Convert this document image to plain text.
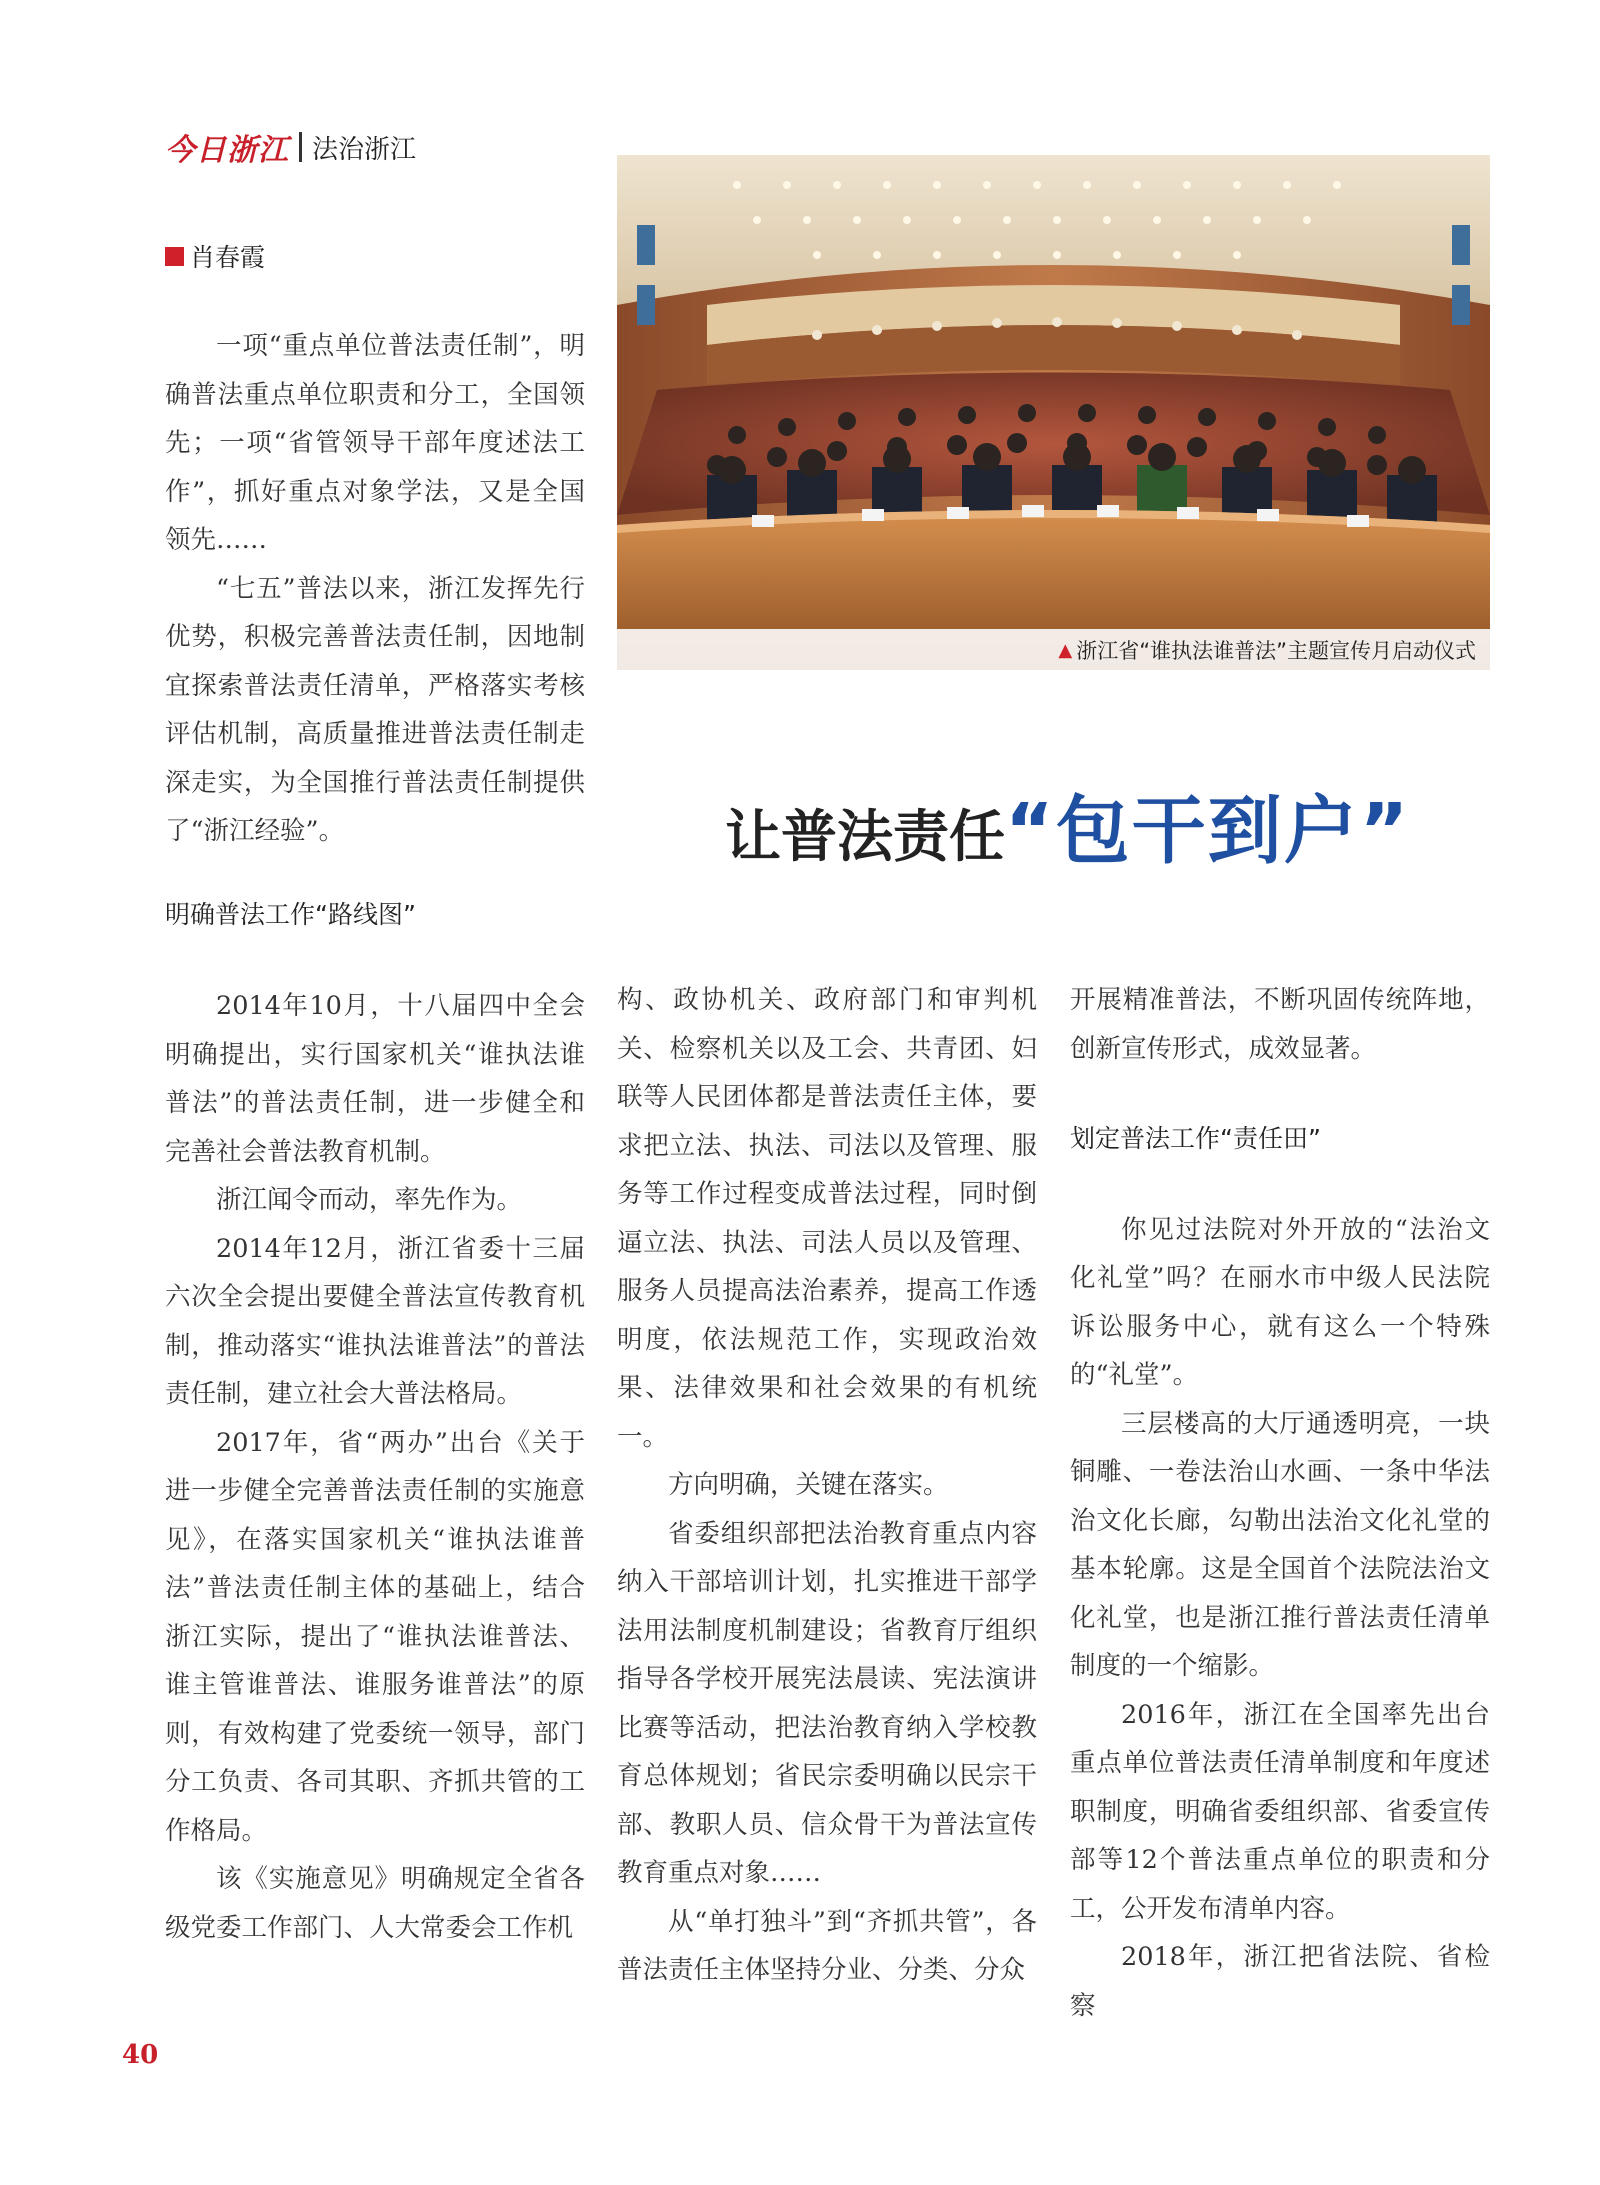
今日浙江 法治浙江
肖春霞

一项“重点单位普法责任制”，明确普法重点单位职责和分工，全国领先；一项“省管领导干部年度述法工作”，抓好重点对象学法，又是全国领先……

“七五”普法以来，浙江发挥先行优势，积极完善普法责任制，因地制宜探索普法责任清单，严格落实考核评估机制，高质量推进普法责任制走深走实，为全国推行普法责任制提供了“浙江经验”。

▲ 浙江省“谁执法谁普法”主题宣传月启动仪式
让普法责任“包干到户”
明确普法工作“路线图”

2014年10月，十八届四中全会明确提出，实行国家机关“谁执法谁普法”的普法责任制，进一步健全和完善社会普法教育机制。

浙江闻令而动，率先作为。

2014年12月，浙江省委十三届六次全会提出要健全普法宣传教育机制，推动落实“谁执法谁普法”的普法责任制，建立社会大普法格局。

2017年，省“两办”出台《关于进一步健全完善普法责任制的实施意见》，在落实国家机关“谁执法谁普法”普法责任制主体的基础上，结合浙江实际，提出了“谁执法谁普法、谁主管谁普法、谁服务谁普法”的原则，有效构建了党委统一领导，部门分工负责、各司其职、齐抓共管的工作格局。

该《实施意见》明确规定全省各级党委工作部门、人大常委会工作机

构、政协机关、政府部门和审判机关、检察机关以及工会、共青团、妇联等人民团体都是普法责任主体，要求把立法、执法、司法以及管理、服务等工作过程变成普法过程，同时倒逼立法、执法、司法人员以及管理、服务人员提高法治素养，提高工作透明度，依法规范工作，实现政治效果、法律效果和社会效果的有机统一。

方向明确，关键在落实。

省委组织部把法治教育重点内容纳入干部培训计划，扎实推进干部学法用法制度机制建设；省教育厅组织指导各学校开展宪法晨读、宪法演讲比赛等活动，把法治教育纳入学校教育总体规划；省民宗委明确以民宗干部、教职人员、信众骨干为普法宣传教育重点对象……

从“单打独斗”到“齐抓共管”，各普法责任主体坚持分业、分类、分众

开展精准普法，不断巩固传统阵地，创新宣传形式，成效显著。

划定普法工作“责任田”

你见过法院对外开放的“法治文化礼堂”吗？在丽水市中级人民法院诉讼服务中心，就有这么一个特殊的“礼堂”。

三层楼高的大厅通透明亮，一块铜雕、一卷法治山水画、一条中华法治文化长廊，勾勒出法治文化礼堂的基本轮廓。这是全国首个法院法治文化礼堂，也是浙江推行普法责任清单制度的一个缩影。

2016年，浙江在全国率先出台重点单位普法责任清单制度和年度述职制度，明确省委组织部、省委宣传部等12个普法重点单位的职责和分工，公开发布清单内容。

2018年，浙江把省法院、省检察

40
